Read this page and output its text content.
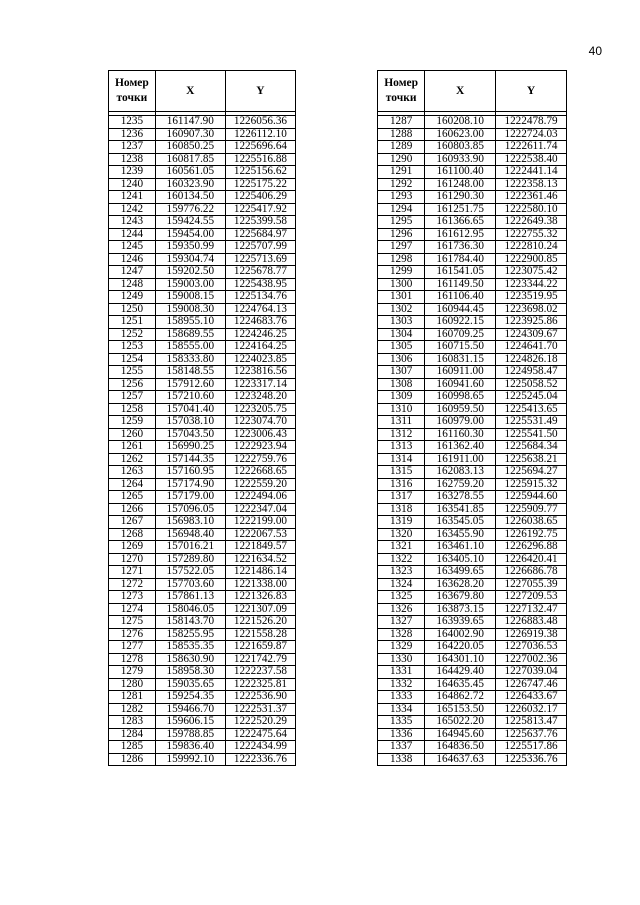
40
Номер точки	X	Y

1235	161147.90	1226056.36
1236	160907.30	1226112.10
1237	160850.25	1225696.64
1238	160817.85	1225516.88
1239	160561.05	1225156.62
1240	160323.90	1225175.22
1241	160134.50	1225406.29
1242	159776.22	1225417.92
1243	159424.55	1225399.58
1244	159454.00	1225684.97
1245	159350.99	1225707.99
1246	159304.74	1225713.69
1247	159202.50	1225678.77
1248	159003.00	1225438.95
1249	159008.15	1225134.76
1250	159008.30	1224764.13
1251	158955.10	1224683.76
1252	158689.55	1224246.25
1253	158555.00	1224164.25
1254	158333.80	1224023.85
1255	158148.55	1223816.56
1256	157912.60	1223317.14
1257	157210.60	1223248.20
1258	157041.40	1223205.75
1259	157038.10	1223074.70
1260	157043.50	1223006.43
1261	156990.25	1222923.94
1262	157144.35	1222759.76
1263	157160.95	1222668.65
1264	157174.90	1222559.20
1265	157179.00	1222494.06
1266	157096.05	1222347.04
1267	156983.10	1222199.00
1268	156948.40	1222067.53
1269	157016.21	1221849.57
1270	157289.80	1221634.52
1271	157522.05	1221486.14
1272	157703.60	1221338.00
1273	157861.13	1221326.83
1274	158046.05	1221307.09
1275	158143.70	1221526.20
1276	158255.95	1221558.28
1277	158535.35	1221659.87
1278	158630.90	1221742.79
1279	158958.30	1222237.58
1280	159035.65	1222325.81
1281	159254.35	1222536.90
1282	159466.70	1222531.37
1283	159606.15	1222520.29
1284	159788.85	1222475.64
1285	159836.40	1222434.99
1286	159992.10	1222336.76
Номер точки	X	Y

1287	160208.10	1222478.79
1288	160623.00	1222724.03
1289	160803.85	1222611.74
1290	160933.90	1222538.40
1291	161100.40	1222441.14
1292	161248.00	1222358.13
1293	161290.30	1222361.46
1294	161251.75	1222580.10
1295	161366.65	1222649.38
1296	161612.95	1222755.32
1297	161736.30	1222810.24
1298	161784.40	1222900.85
1299	161541.05	1223075.42
1300	161149.50	1223344.22
1301	161106.40	1223519.95
1302	160944.45	1223698.02
1303	160922.15	1223925.86
1304	160709.25	1224309.67
1305	160715.50	1224641.70
1306	160831.15	1224826.18
1307	160911.00	1224958.47
1308	160941.60	1225058.52
1309	160998.65	1225245.04
1310	160959.50	1225413.65
1311	160979.00	1225531.49
1312	161160.30	1225541.50
1313	161362.40	1225684.34
1314	161911.00	1225638.21
1315	162083.13	1225694.27
1316	162759.20	1225915.32
1317	163278.55	1225944.60
1318	163541.85	1225909.77
1319	163545.05	1226038.65
1320	163455.90	1226192.75
1321	163461.10	1226296.88
1322	163405.10	1226420.41
1323	163499.65	1226686.78
1324	163628.20	1227055.39
1325	163679.80	1227209.53
1326	163873.15	1227132.47
1327	163939.65	1226883.48
1328	164002.90	1226919.38
1329	164220.05	1227036.53
1330	164301.10	1227002.36
1331	164429.40	1227039.04
1332	164635.45	1226747.46
1333	164862.72	1226433.67
1334	165153.50	1226032.17
1335	165022.20	1225813.47
1336	164945.60	1225637.76
1337	164836.50	1225517.86
1338	164637.63	1225336.76
